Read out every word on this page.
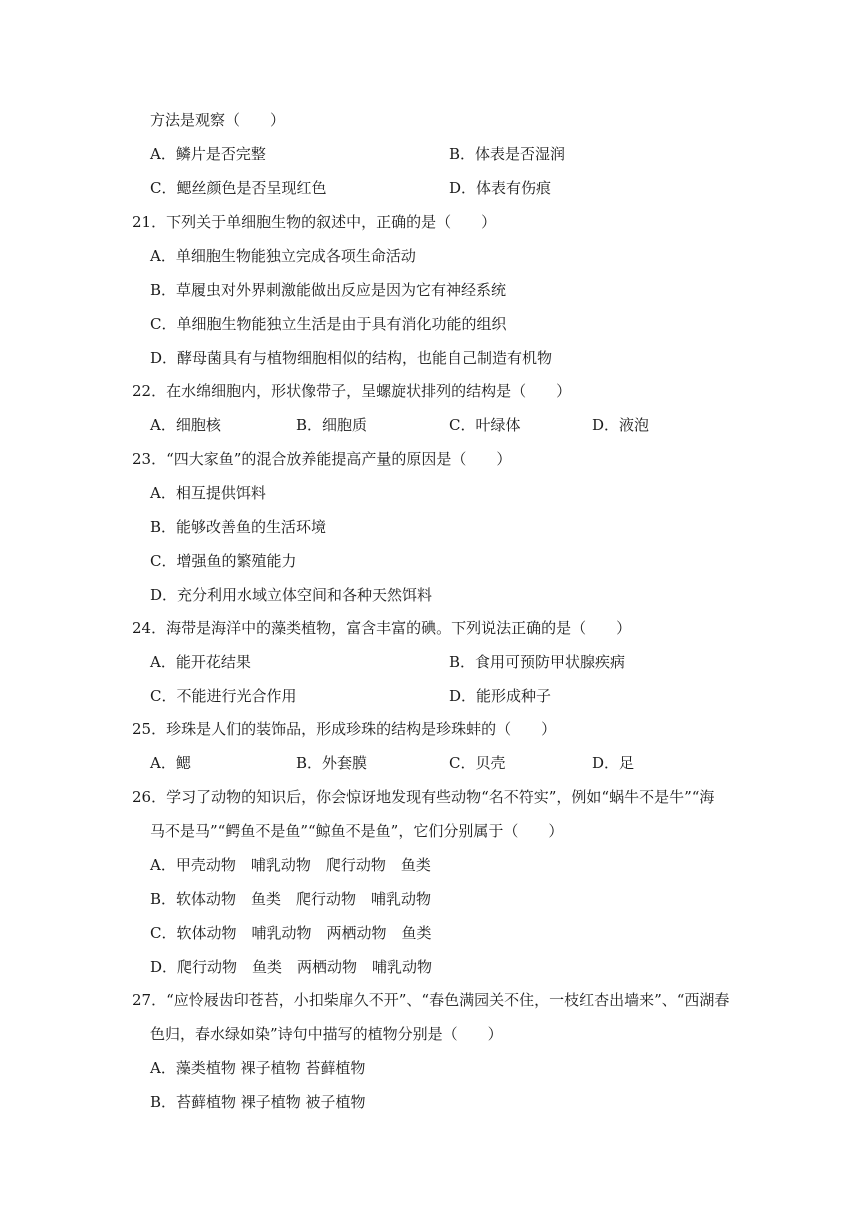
方法是观察（　　）
A．鳞片是否完整	B．体表是否湿润
C．鳃丝颜色是否呈现红色	D．体表有伤痕
21．下列关于单细胞生物的叙述中，正确的是（　　）
A．单细胞生物能独立完成各项生命活动
B．草履虫对外界刺激能做出反应是因为它有神经系统
C．单细胞生物能独立生活是由于具有消化功能的组织
D．酵母菌具有与植物细胞相似的结构，也能自己制造有机物
22．在水绵细胞内，形状像带子，呈螺旋状排列的结构是（　　）
A．细胞核	B．细胞质	C．叶绿体	D．液泡
23．“四大家鱼”的混合放养能提高产量的原因是（　　）
A．相互提供饵料
B．能够改善鱼的生活环境
C．增强鱼的繁殖能力
D．充分利用水域立体空间和各种天然饵料
24．海带是海洋中的藻类植物，富含丰富的碘。下列说法正确的是（　　）
A．能开花结果	B．食用可预防甲状腺疾病
C．不能进行光合作用	D．能形成种子
25．珍珠是人们的装饰品，形成珍珠的结构是珍珠蚌的（　　）
A．鳃	B．外套膜	C．贝壳	D．足
26．学习了动物的知识后，你会惊讶地发现有些动物“名不符实”，例如“蜗牛不是牛”“海
马不是马”“鳄鱼不是鱼”“鲸鱼不是鱼”，它们分别属于（　　）
A．甲壳动物　哺乳动物　爬行动物　鱼类
B．软体动物　鱼类　爬行动物　哺乳动物
C．软体动物　哺乳动物　两栖动物　鱼类
D．爬行动物　鱼类　两栖动物　哺乳动物
27．“应怜屐齿印苍苔，小扣柴扉久不开”、“春色满园关不住，一枝红杏出墙来”、“西湖春
色归，春水绿如染”诗句中描写的植物分别是（　　）
A．藻类植物 裸子植物 苔藓植物
B．苔藓植物 裸子植物 被子植物
